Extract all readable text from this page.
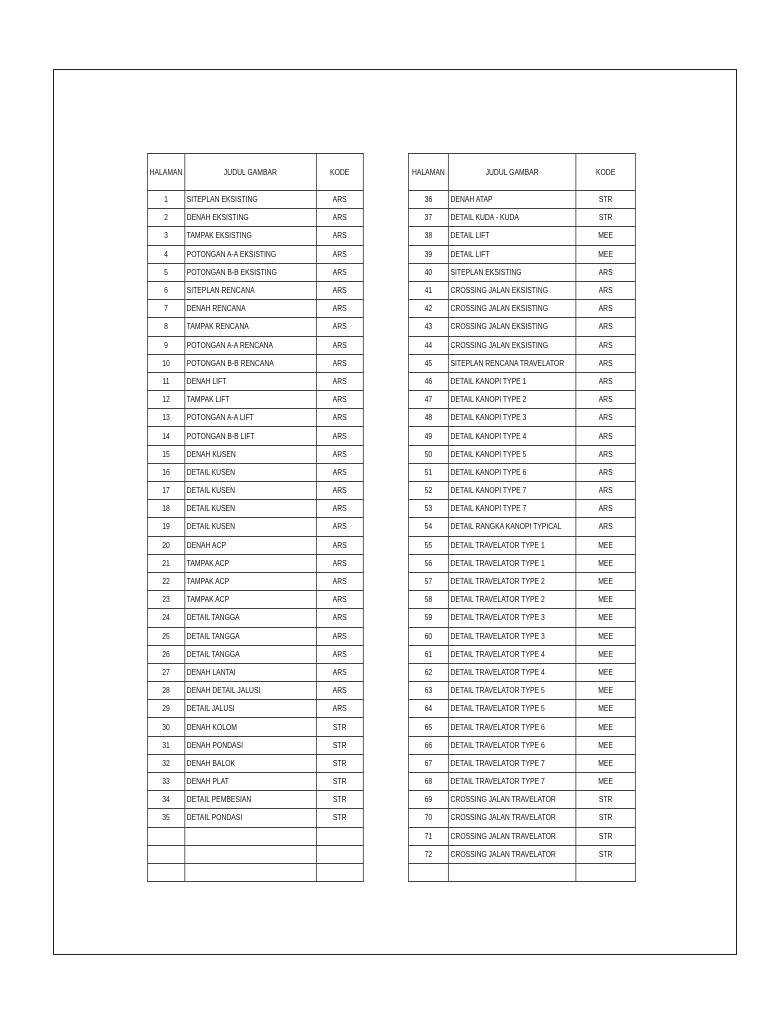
HALAMAN	JUDUL GAMBAR	KODE
1	SITEPLAN EKSISTING	ARS
2	DENAH EKSISTING	ARS
3	TAMPAK EKSISTING	ARS
4	POTONGAN A-A EKSISTING	ARS
5	POTONGAN B-B EKSISTING	ARS
6	SITEPLAN RENCANA	ARS
7	DENAH RENCANA	ARS
8	TAMPAK RENCANA	ARS
9	POTONGAN A-A RENCANA	ARS
10	POTONGAN B-B RENCANA	ARS
11	DENAH LIFT	ARS
12	TAMPAK LIFT	ARS
13	POTONGAN A-A LIFT	ARS
14	POTONGAN B-B LIFT	ARS
15	DENAH KUSEN	ARS
16	DETAIL KUSEN	ARS
17	DETAIL KUSEN	ARS
18	DETAIL KUSEN	ARS
19	DETAIL KUSEN	ARS
20	DENAH ACP	ARS
21	TAMPAK ACP	ARS
22	TAMPAK ACP	ARS
23	TAMPAK ACP	ARS
24	DETAIL TANGGA	ARS
25	DETAIL TANGGA	ARS
26	DETAIL TANGGA	ARS
27	DENAH LANTAI	ARS
28	DENAH DETAIL JALUSI	ARS
29	DETAIL JALUSI	ARS
30	DENAH KOLOM	STR
31	DENAH PONDASI	STR
32	DENAH BALOK	STR
33	DENAH PLAT	STR
34	DETAIL PEMBESIAN	STR
35	DETAIL PONDASI	STR

HALAMAN	JUDUL GAMBAR	KODE
36	DENAH ATAP	STR
37	DETAIL KUDA - KUDA	STR
38	DETAIL LIFT	MEE
39	DETAIL LIFT	MEE
40	SITEPLAN EKSISTING	ARS
41	CROSSING JALAN EKSISTING	ARS
42	CROSSING JALAN EKSISTING	ARS
43	CROSSING JALAN EKSISTING	ARS
44	CROSSING JALAN EKSISTING	ARS
45	SITEPLAN RENCANA TRAVELATOR	ARS
46	DETAIL KANOPI TYPE 1	ARS
47	DETAIL KANOPI TYPE 2	ARS
48	DETAIL KANOPI TYPE 3	ARS
49	DETAIL KANOPI TYPE 4	ARS
50	DETAIL KANOPI TYPE 5	ARS
51	DETAIL KANOPI TYPE 6	ARS
52	DETAIL KANOPI TYPE 7	ARS
53	DETAIL KANOPI TYPE 7	ARS
54	DETAIL RANGKA KANOPI TYPICAL	ARS
55	DETAIL TRAVELATOR TYPE 1	MEE
56	DETAIL TRAVELATOR TYPE 1	MEE
57	DETAIL TRAVELATOR TYPE 2	MEE
58	DETAIL TRAVELATOR TYPE 2	MEE
59	DETAIL TRAVELATOR TYPE 3	MEE
60	DETAIL TRAVELATOR TYPE 3	MEE
61	DETAIL TRAVELATOR TYPE 4	MEE
62	DETAIL TRAVELATOR TYPE 4	MEE
63	DETAIL TRAVELATOR TYPE 5	MEE
64	DETAIL TRAVELATOR TYPE 5	MEE
65	DETAIL TRAVELATOR TYPE 6	MEE
66	DETAIL TRAVELATOR TYPE 6	MEE
67	DETAIL TRAVELATOR TYPE 7	MEE
68	DETAIL TRAVELATOR TYPE 7	MEE
69	CROSSING JALAN TRAVELATOR	STR
70	CROSSING JALAN TRAVELATOR	STR
71	CROSSING JALAN TRAVELATOR	STR
72	CROSSING JALAN TRAVELATOR	STR
